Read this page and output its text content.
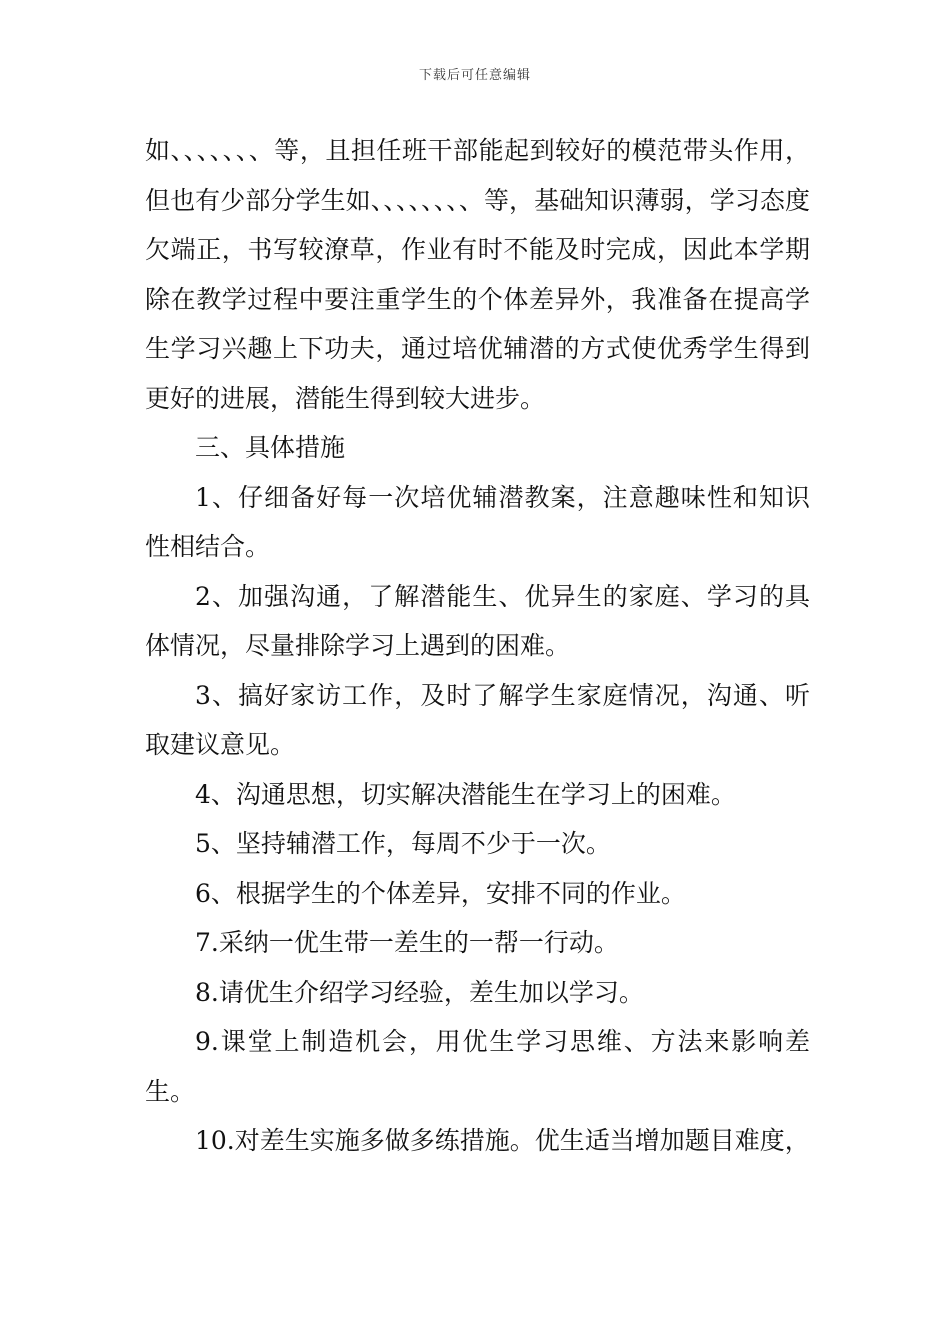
下载后可任意编辑

如、、、、、、、等，且担任班干部能起到较好的模范带头作用，但也有少部分学生如、、、、、、、、等，基础知识薄弱，学习态度欠端正，书写较潦草，作业有时不能及时完成，因此本学期除在教学过程中要注重学生的个体差异外，我准备在提高学生学习兴趣上下功夫，通过培优辅潜的方式使优秀学生得到更好的进展，潜能生得到较大进步。

三、具体措施

1、仔细备好每一次培优辅潜教案，注意趣味性和知识性相结合。

2、加强沟通，了解潜能生、优异生的家庭、学习的具体情况，尽量排除学习上遇到的困难。

3、搞好家访工作，及时了解学生家庭情况，沟通、听取建议意见。

4、沟通思想，切实解决潜能生在学习上的困难。

5、坚持辅潜工作，每周不少于一次。

6、根据学生的个体差异，安排不同的作业。

7.采纳一优生带一差生的一帮一行动。

8.请优生介绍学习经验，差生加以学习。

9.课堂上制造机会，用优生学习思维、方法来影响差生。

10.对差生实施多做多练措施。优生适当增加题目难度，
